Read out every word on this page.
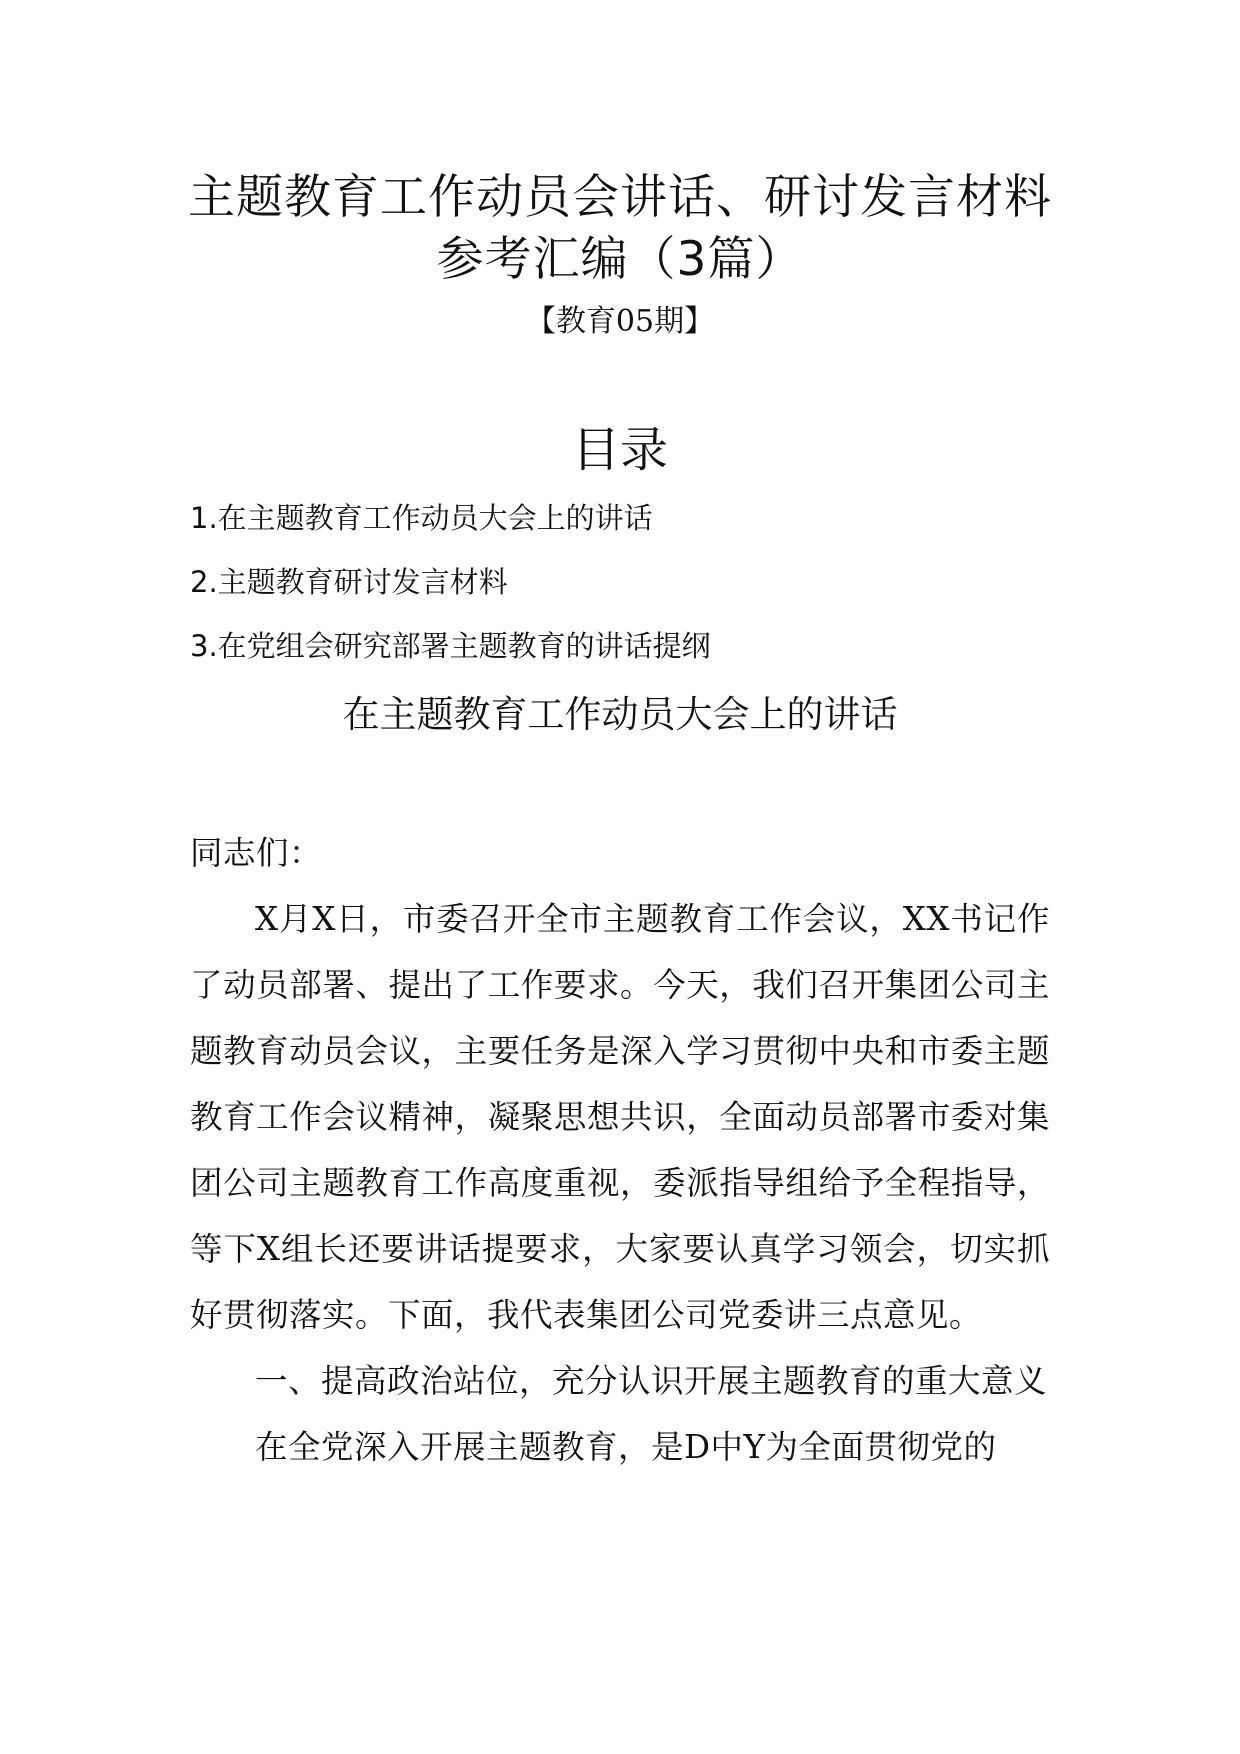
主题教育工作动员会讲话、研讨发言材料
参考汇编（3篇）
【教育05期】
目录
1.在主题教育工作动员大会上的讲话
2.主题教育研讨发言材料
3.在党组会研究部署主题教育的讲话提纲
在主题教育工作动员大会上的讲话

同志们：

X月X日，市委召开全市主题教育工作会议，XX书记作了动员部署、提出了工作要求。今天，我们召开集团公司主题教育动员会议，主要任务是深入学习贯彻中央和市委主题教育工作会议精神，凝聚思想共识，全面动员部署市委对集团公司主题教育工作高度重视，委派指导组给予全程指导，等下X组长还要讲话提要求，大家要认真学习领会，切实抓好贯彻落实。下面，我代表集团公司党委讲三点意见。

一、提高政治站位，充分认识开展主题教育的重大意义

在全党深入开展主题教育，是D中Y为全面贯彻党的
